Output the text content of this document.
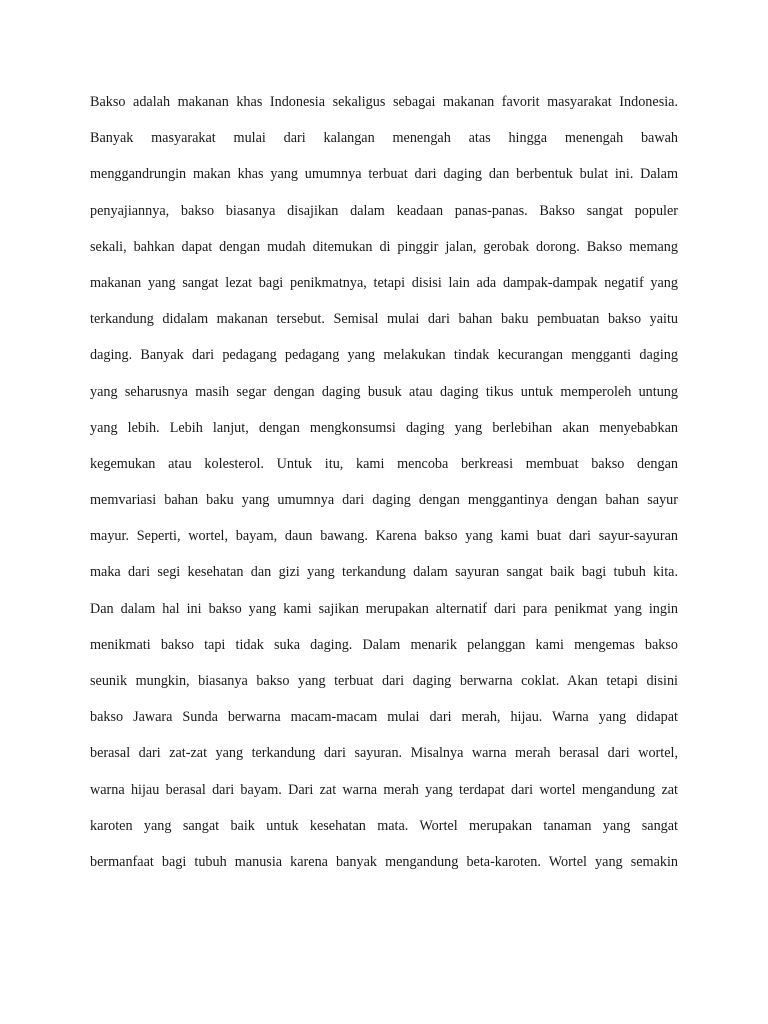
Bakso adalah makanan khas Indonesia sekaligus sebagai makanan favorit masyarakat Indonesia.
Banyak masyarakat mulai dari kalangan menengah atas hingga menengah bawah
menggandrungin makan khas yang umumnya terbuat dari daging dan berbentuk bulat ini. Dalam
penyajiannya, bakso biasanya disajikan dalam keadaan panas-panas. Bakso sangat populer
sekali, bahkan dapat dengan mudah ditemukan di pinggir jalan, gerobak dorong. Bakso memang
makanan yang sangat lezat bagi penikmatnya, tetapi disisi lain ada dampak-dampak negatif yang
terkandung didalam makanan tersebut. Semisal mulai dari bahan baku pembuatan bakso yaitu
daging. Banyak dari pedagang pedagang yang melakukan tindak kecurangan mengganti daging
yang seharusnya masih segar dengan daging busuk atau daging tikus untuk memperoleh untung
yang lebih. Lebih lanjut, dengan mengkonsumsi daging yang berlebihan akan menyebabkan
kegemukan atau kolesterol. Untuk itu, kami mencoba berkreasi membuat bakso dengan
memvariasi bahan baku yang umumnya dari daging dengan menggantinya dengan bahan sayur
mayur. Seperti, wortel, bayam, daun bawang. Karena bakso yang kami buat dari sayur-sayuran
maka dari segi kesehatan dan gizi yang terkandung dalam sayuran sangat baik bagi tubuh kita.
Dan dalam hal ini bakso yang kami sajikan merupakan alternatif dari para penikmat yang ingin
menikmati bakso tapi tidak suka daging. Dalam menarik pelanggan kami mengemas bakso
seunik mungkin, biasanya bakso yang terbuat dari daging berwarna coklat. Akan tetapi disini
bakso Jawara Sunda berwarna macam-macam mulai dari merah, hijau. Warna yang didapat
berasal dari zat-zat yang terkandung dari sayuran. Misalnya warna merah berasal dari wortel,
warna hijau berasal dari bayam. Dari zat warna merah yang terdapat dari wortel mengandung zat
karoten yang sangat baik untuk kesehatan mata. Wortel merupakan tanaman yang sangat
bermanfaat bagi tubuh manusia karena banyak mengandung beta-karoten. Wortel yang semakin
